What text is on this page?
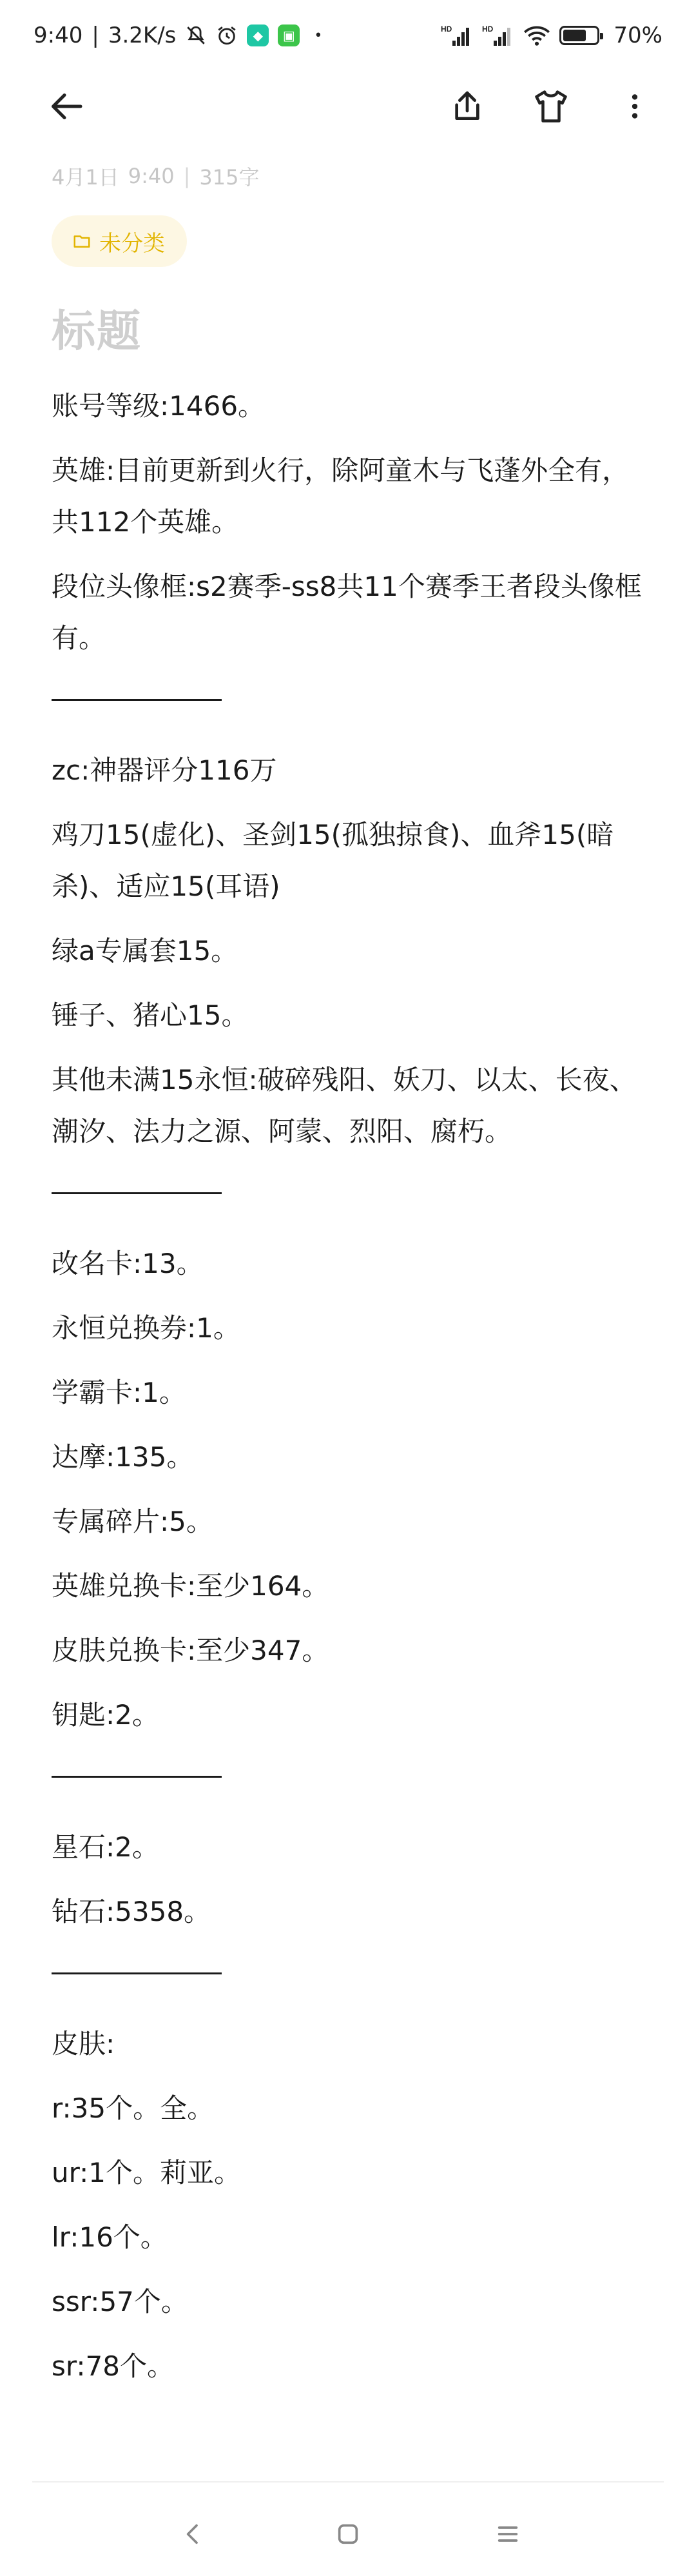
9:40 | 3.2K/s	◆	▣	•	HD	HD	70%
4月1日 9:40 | 315字
未分类
标题

账号等级:1466。

英雄:目前更新到火行，除阿童木与飞蓬外全有，共112个英雄。

段位头像框:s2赛季-ss8共11个赛季王者段头像框有。

zc:神器评分116万

鸡刀15(虚化)、圣剑15(孤独掠食)、血斧15(暗杀)、适应15(耳语)

绿a专属套15。

锤子、猪心15。

其他未满15永恒:破碎残阳、妖刀、以太、长夜、潮汐、法力之源、阿蒙、烈阳、腐朽。

改名卡:13。

永恒兑换券:1。

学霸卡:1。

达摩:135。

专属碎片:5。

英雄兑换卡:至少164。

皮肤兑换卡:至少347。

钥匙:2。

星石:2。

钻石:5358。

皮肤:

r:35个。全。

ur:1个。莉亚。

lr:16个。

ssr:57个。

sr:78个。
